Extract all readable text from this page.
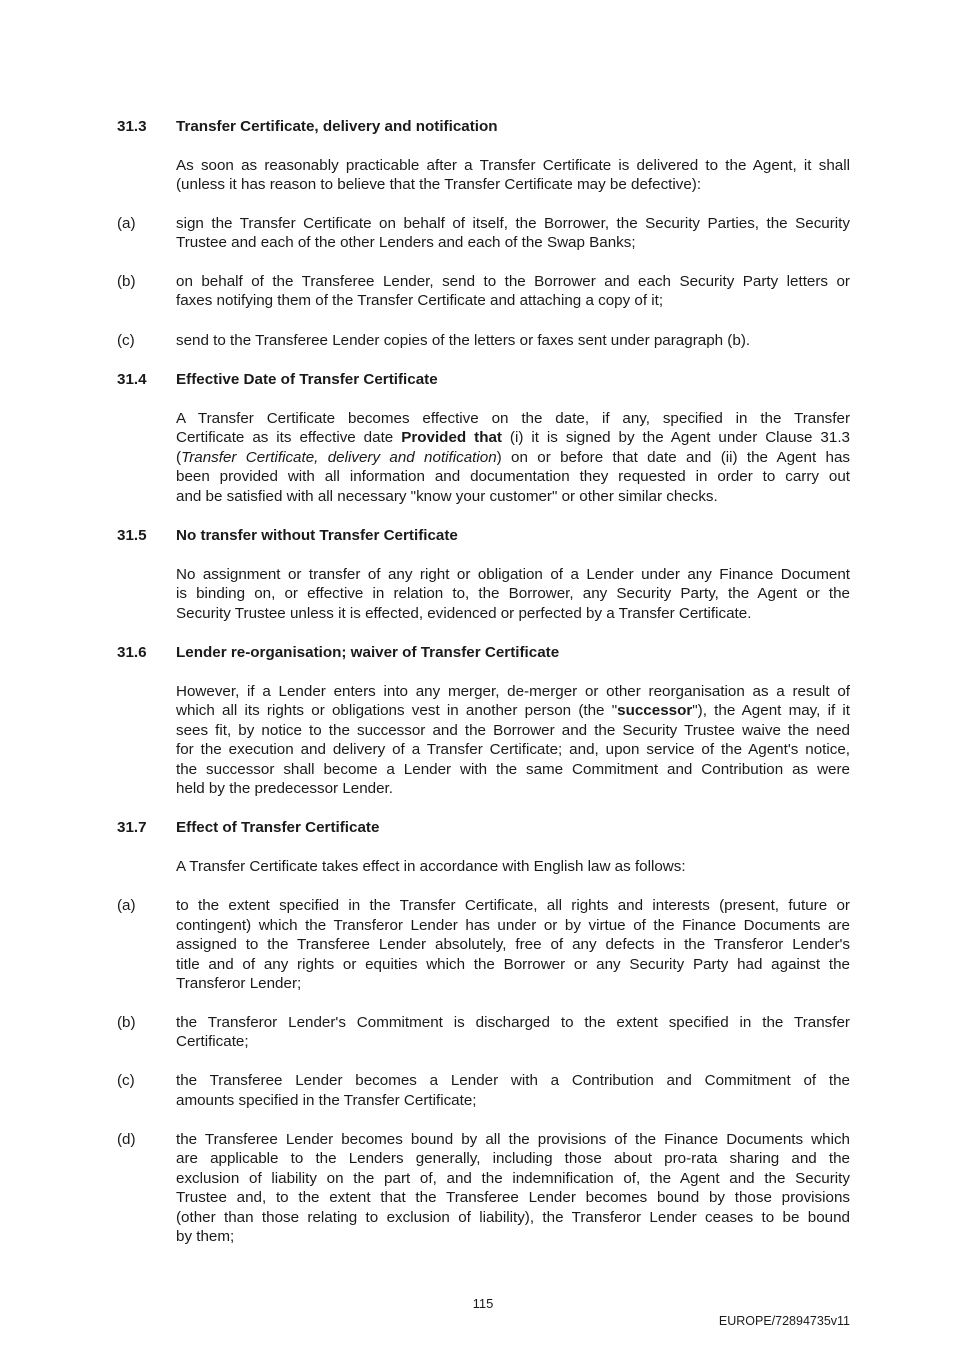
31.3 Transfer Certificate, delivery and notification
As soon as reasonably practicable after a Transfer Certificate is delivered to the Agent, it shall
(unless it has reason to believe that the Transfer Certificate may be defective):
(a)	sign the Transfer Certificate on behalf of itself, the Borrower, the Security Parties, the Security
Trustee and each of the other Lenders and each of the Swap Banks;
(b)	on behalf of the Transferee Lender, send to the Borrower and each Security Party letters or
faxes notifying them of the Transfer Certificate and attaching a copy of it;
(c)	send to the Transferee Lender copies of the letters or faxes sent under paragraph (b).
31.4 Effective Date of Transfer Certificate
A Transfer Certificate becomes effective on the date, if any, specified in the Transfer
Certificate as its effective date Provided that (i) it is signed by the Agent under Clause 31.3
(Transfer Certificate, delivery and notification) on or before that date and (ii) the Agent has
been provided with all information and documentation they requested in order to carry out
and be satisfied with all necessary "know your customer" or other similar checks.
31.5 No transfer without Transfer Certificate
No assignment or transfer of any right or obligation of a Lender under any Finance Document
is binding on, or effective in relation to, the Borrower, any Security Party, the Agent or the
Security Trustee unless it is effected, evidenced or perfected by a Transfer Certificate.
31.6 Lender re-organisation; waiver of Transfer Certificate
However, if a Lender enters into any merger, de-merger or other reorganisation as a result of
which all its rights or obligations vest in another person (the "successor"), the Agent may, if it
sees fit, by notice to the successor and the Borrower and the Security Trustee waive the need
for the execution and delivery of a Transfer Certificate; and, upon service of the Agent's notice,
the successor shall become a Lender with the same Commitment and Contribution as were
held by the predecessor Lender.
31.7 Effect of Transfer Certificate
A Transfer Certificate takes effect in accordance with English law as follows:
(a)	to the extent specified in the Transfer Certificate, all rights and interests (present, future or
contingent) which the Transferor Lender has under or by virtue of the Finance Documents are
assigned to the Transferee Lender absolutely, free of any defects in the Transferor Lender's
title and of any rights or equities which the Borrower or any Security Party had against the
Transferor Lender;
(b)	the Transferor Lender's Commitment is discharged to the extent specified in the Transfer
Certificate;
(c)	the Transferee Lender becomes a Lender with a Contribution and Commitment of the
amounts specified in the Transfer Certificate;
(d)	the Transferee Lender becomes bound by all the provisions of the Finance Documents which
are applicable to the Lenders generally, including those about pro-rata sharing and the
exclusion of liability on the part of, and the indemnification of, the Agent and the Security
Trustee and, to the extent that the Transferee Lender becomes bound by those provisions
(other than those relating to exclusion of liability), the Transferor Lender ceases to be bound
by them;
115
EUROPE/72894735v11
